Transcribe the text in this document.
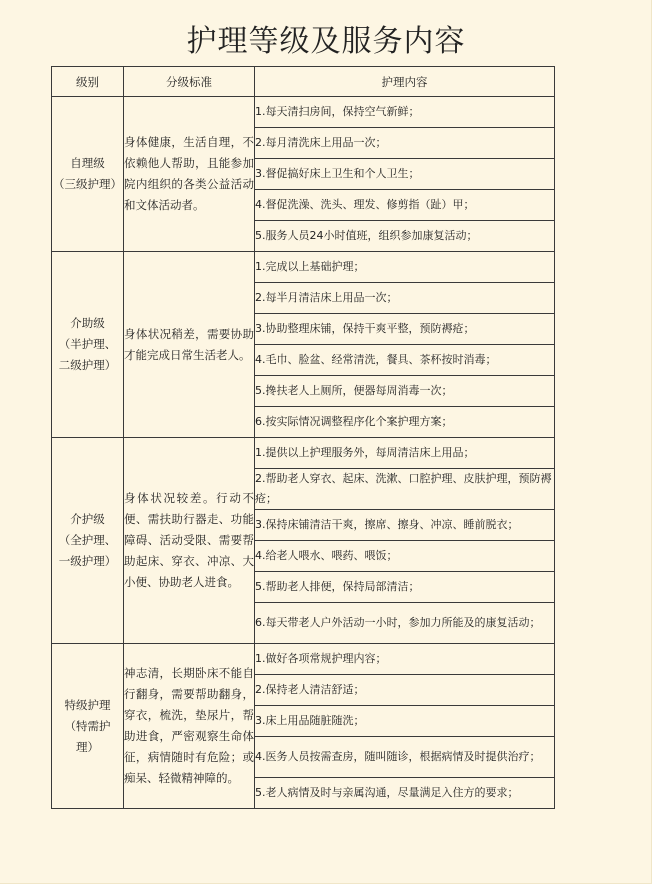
护理等级及服务内容
级别	分级标准	护理内容

自理级
（三级护理）	身体健康，生活自理，不依赖他人帮助，且能参加院内组织的各类公益活动和文体活动者。	1.每天清扫房间，保持空气新鲜；
		2.每月清洗床上用品一次；
		3.督促搞好床上卫生和个人卫生；
		4.督促洗澡、洗头、理发、修剪指（趾）甲；
		5.服务人员24小时值班，组织参加康复活动；

介助级
（半护理、
二级护理）	身体状况稍差，需要协助才能完成日常生活老人。	1.完成以上基础护理；
		2.每半月清洁床上用品一次；
		3.协助整理床铺，保持干爽平整，预防褥疮；
		4.毛巾、脸盆、经常清洗，餐具、茶杯按时消毒；
		5.搀扶老人上厕所，便器每周消毒一次；
		6.按实际情况调整程序化个案护理方案；

介护级
（全护理、
一级护理）	身体状况较差。行动不便、需扶助行器走、功能障碍、活动受限、需要帮助起床、穿衣、冲凉、大小便、协助老人进食。	1.提供以上护理服务外，每周清洁床上用品；
		2.帮助老人穿衣、起床、洗漱、口腔护理、皮肤护理，预防褥疮；
		3.保持床铺清洁干爽，擦席、擦身、冲凉、睡前脱衣；
		4.给老人喂水、喂药、喂饭；
		5.帮助老人排便，保持局部清洁；
		6.每天带老人户外活动一小时，参加力所能及的康复活动；

特级护理
（特需护
理）	神志清，长期卧床不能自行翻身，需要帮助翻身，穿衣，梳洗，垫尿片，帮助进食，严密观察生命体征，病情随时有危险；或痴呆、轻微精神障的。	1.做好各项常规护理内容；
		2.保持老人清洁舒适；
		3.床上用品随脏随洗；
		4.医务人员按需查房，随叫随诊，根据病情及时提供治疗；
		5.老人病情及时与亲属沟通，尽量满足入住方的要求；
